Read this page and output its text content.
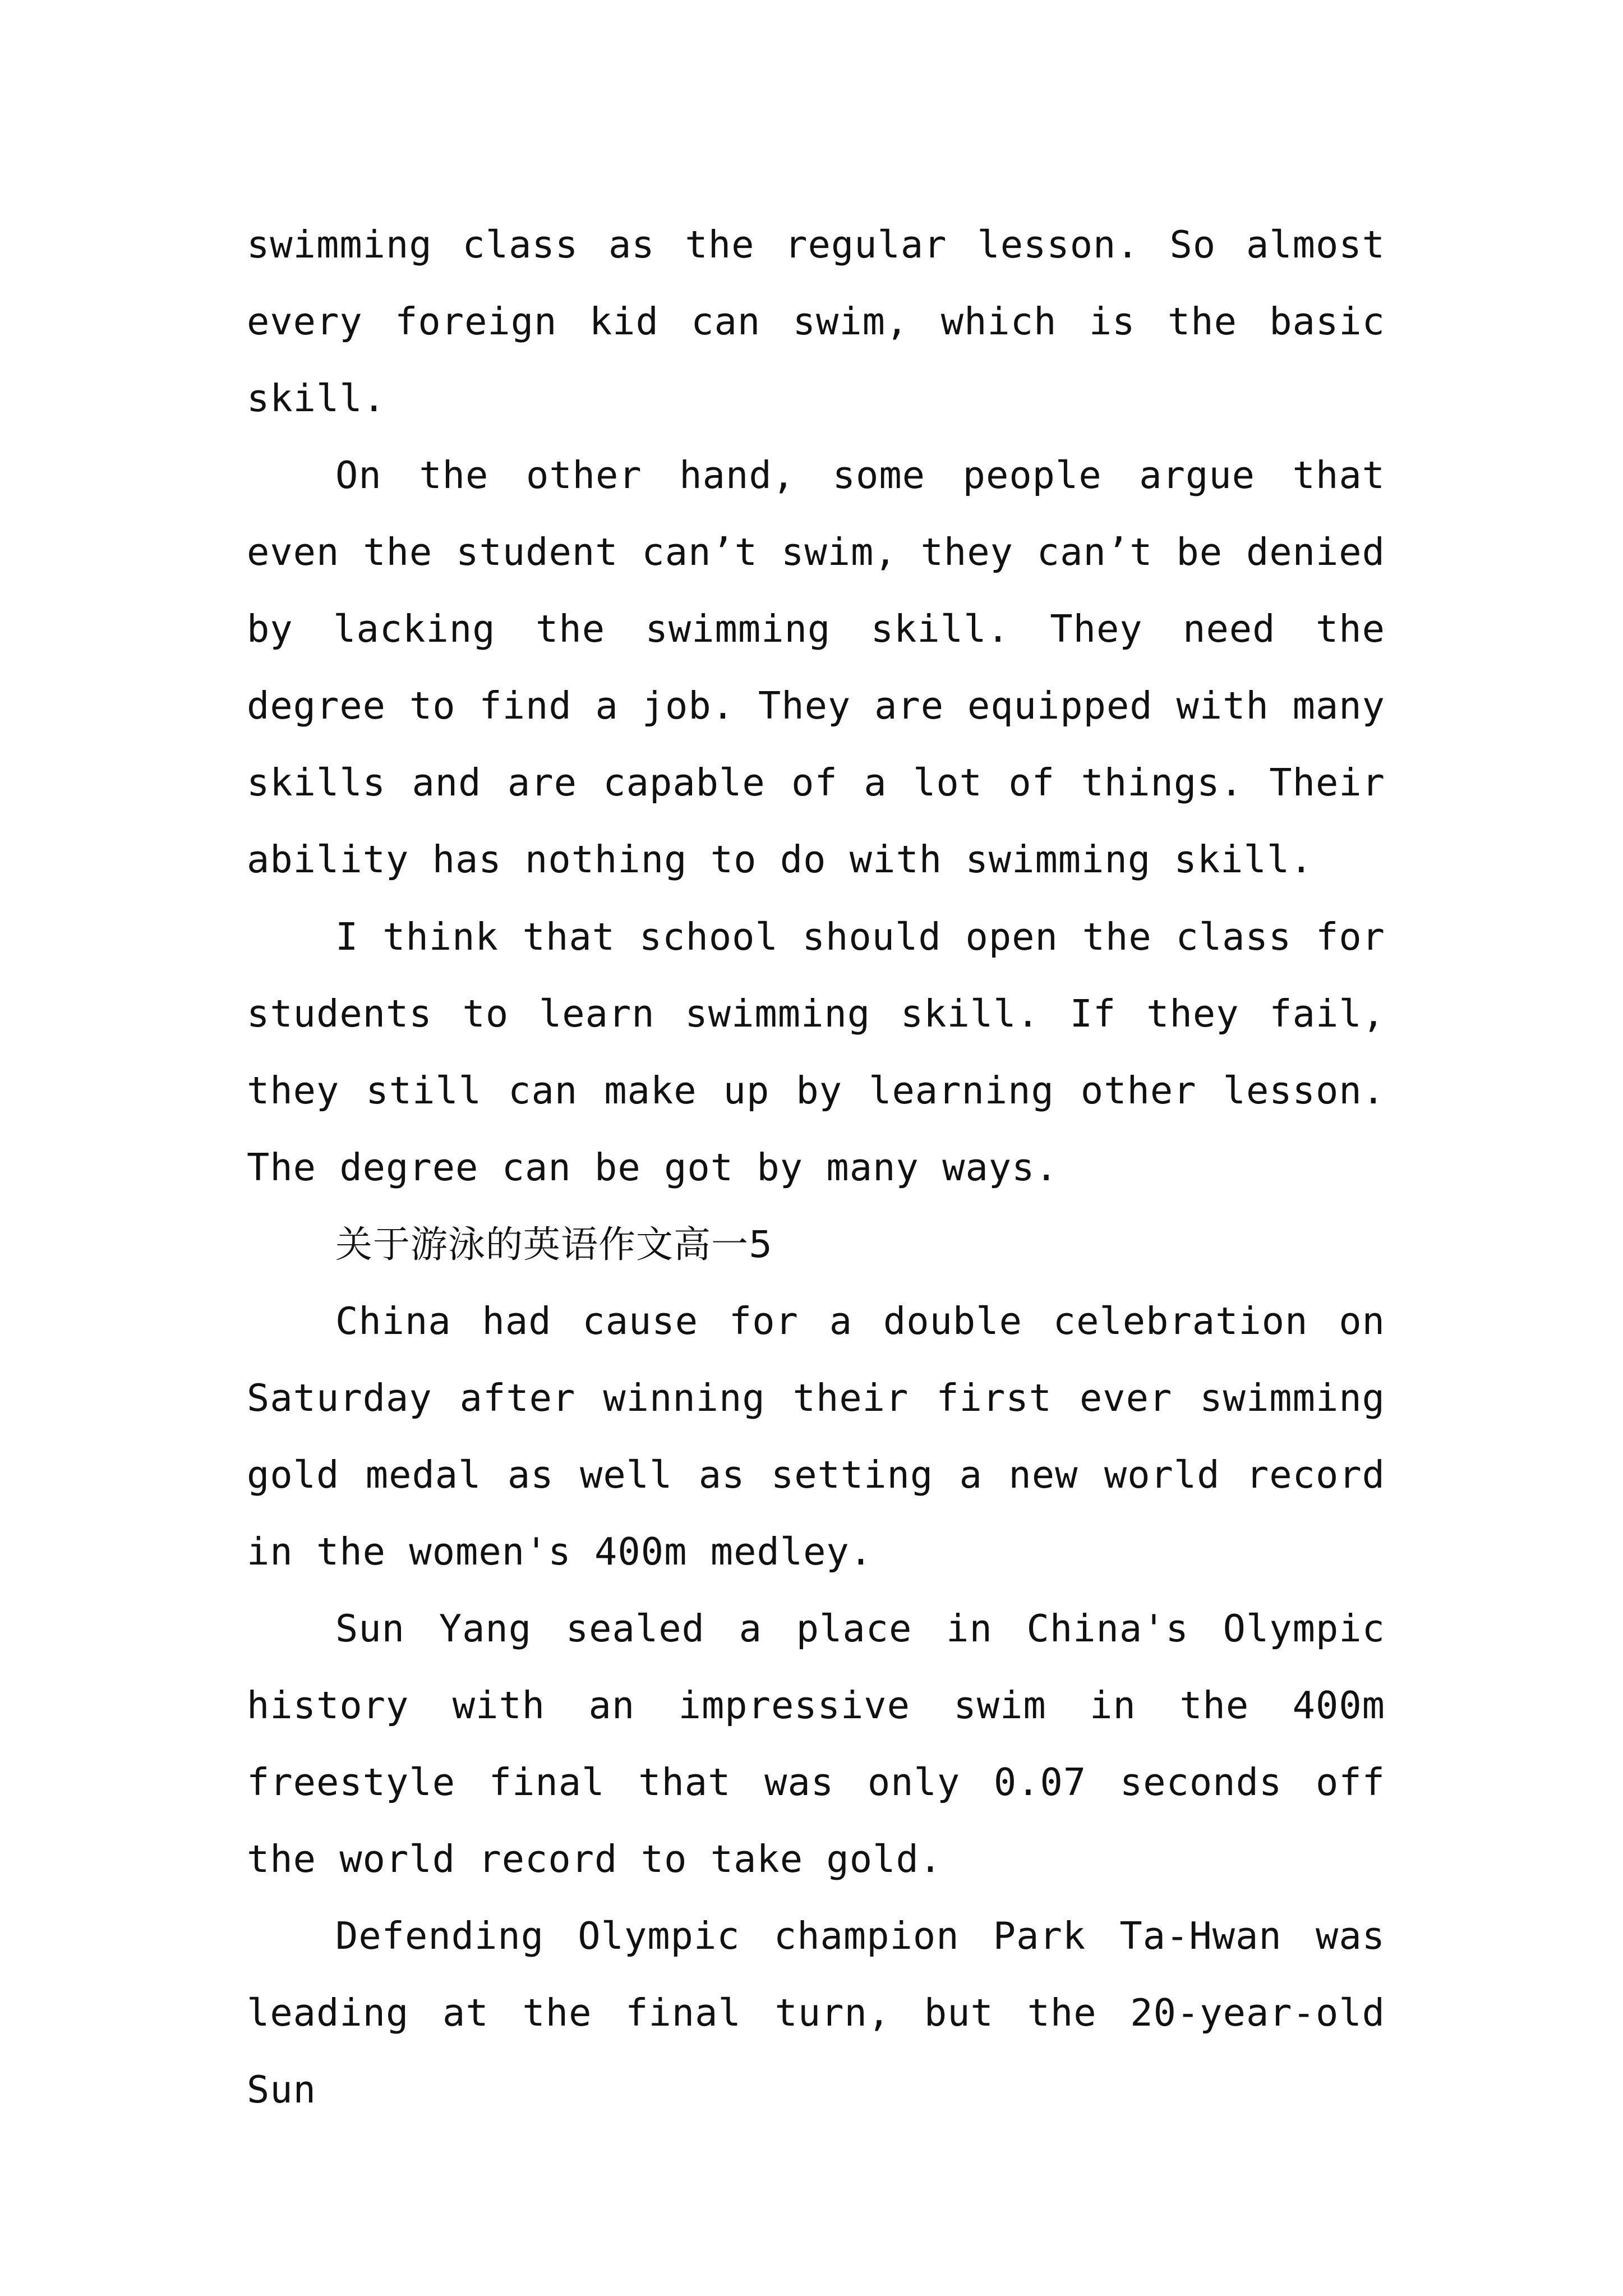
swimming class as the regular lesson. So almost every foreign kid can swim, which is the basic skill.

On the other hand, some people argue that even the student can’t swim, they can’t be denied by lacking the swimming skill. They need the degree to find a job. They are equipped with many skills and are capable of a lot of things. Their ability has nothing to do with swimming skill.

I think that school should open the class for students to learn swimming skill. If they fail, they still can make up by learning other lesson. The degree can be got by many ways.

关于游泳的英语作文高一5

China had cause for a double celebration on Saturday after winning their first ever swimming gold medal as well as setting a new world record in the women's 400m medley.

Sun Yang sealed a place in China's Olympic history with an impressive swim in the 400m freestyle final that was only 0.07 seconds off the world record to take gold.

Defending Olympic champion Park Ta-Hwan was leading at the final turn, but the 20-year-old Sun
